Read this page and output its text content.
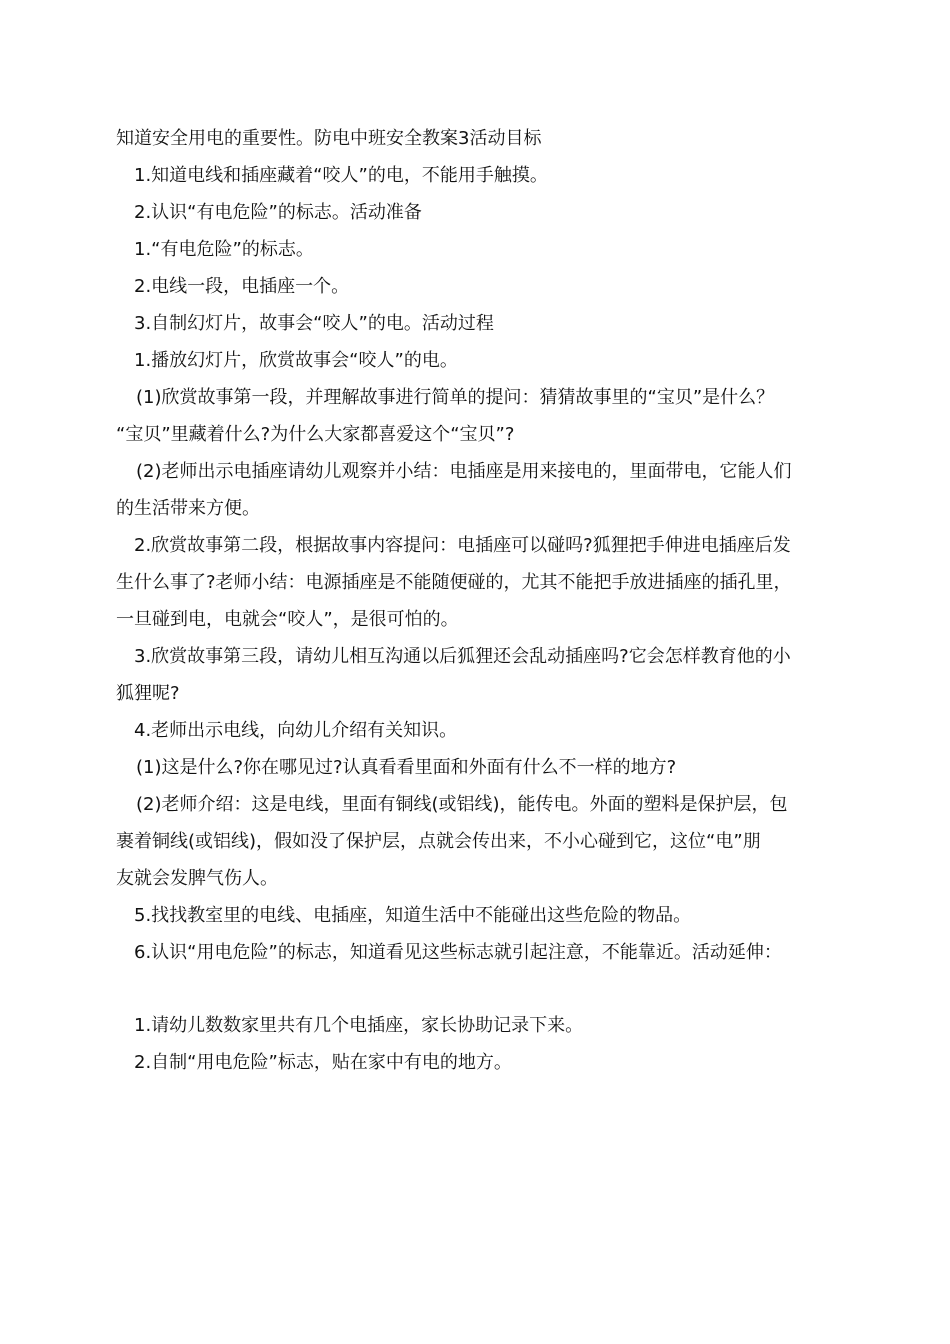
知道安全用电的重要性。防电中班安全教案3活动目标
1.知道电线和插座藏着“咬人”的电，不能用手触摸。
2.认识“有电危险”的标志。活动准备
1.“有电危险”的标志。
2.电线一段，电插座一个。
3.自制幻灯片，故事会“咬人”的电。活动过程
1.播放幻灯片，欣赏故事会“咬人”的电。
(1)欣赏故事第一段，并理解故事进行简单的提问：猜猜故事里的“宝贝”是什么？
“宝贝”里藏着什么?为什么大家都喜爱这个“宝贝”?
(2)老师出示电插座请幼儿观察并小结：电插座是用来接电的，里面带电，它能人们
的生活带来方便。
2.欣赏故事第二段，根据故事内容提问：电插座可以碰吗?狐狸把手伸进电插座后发
生什么事了?老师小结：电源插座是不能随便碰的，尤其不能把手放进插座的插孔里，
一旦碰到电，电就会“咬人”，是很可怕的。
3.欣赏故事第三段，请幼儿相互沟通以后狐狸还会乱动插座吗?它会怎样教育他的小
狐狸呢?
4.老师出示电线，向幼儿介绍有关知识。
(1)这是什么?你在哪见过?认真看看里面和外面有什么不一样的地方?
(2)老师介绍：这是电线，里面有铜线(或铝线)，能传电。外面的塑料是保护层，包
裹着铜线(或铝线)，假如没了保护层，点就会传出来，不小心碰到它，这位“电”朋
友就会发脾气伤人。
5.找找教室里的电线、电插座，知道生活中不能碰出这些危险的物品。
6.认识“用电危险”的标志，知道看见这些标志就引起注意，不能靠近。活动延伸：
1.请幼儿数数家里共有几个电插座，家长协助记录下来。
2.自制“用电危险”标志，贴在家中有电的地方。
